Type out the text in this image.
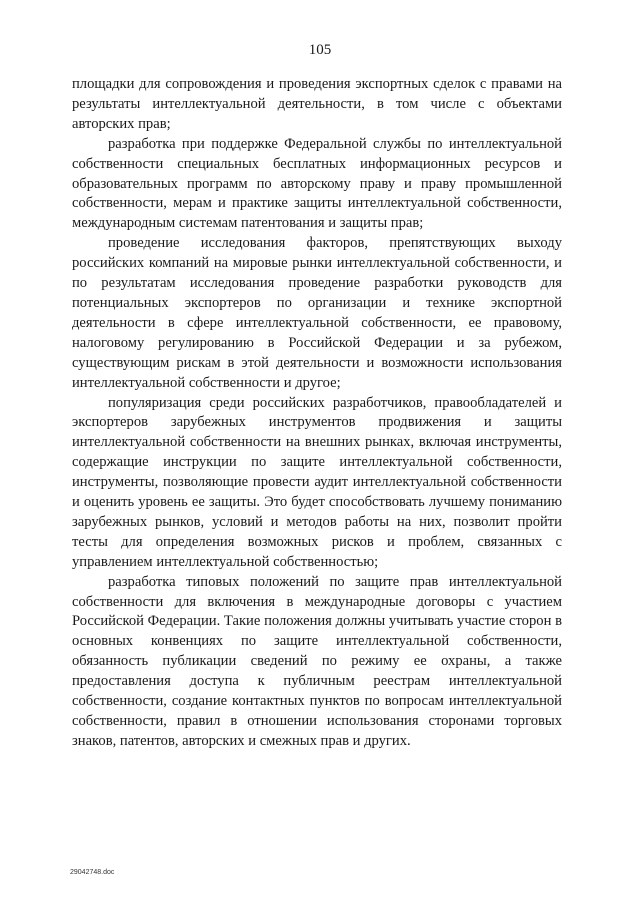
105

площадки для сопровождения и проведения экспортных сделок с правами на результаты интеллектуальной деятельности, в том числе с объектами авторских прав;

разработка при поддержке Федеральной службы по интеллектуальной собственности специальных бесплатных информационных ресурсов и образовательных программ по авторскому праву и праву промышленной собственности, мерам и практике защиты интеллектуальной собственности, международным системам патентования и защиты прав;

проведение исследования факторов, препятствующих выходу российских компаний на мировые рынки интеллектуальной собственности, и по результатам исследования проведение разработки руководств для потенциальных экспортеров по организации и технике экспортной деятельности в сфере интеллектуальной собственности, ее правовому, налоговому регулированию в Российской Федерации и за рубежом, существующим рискам в этой деятельности и возможности использования интеллектуальной собственности и другое;

популяризация среди российских разработчиков, правообладателей и экспортеров зарубежных инструментов продвижения и защиты интеллектуальной собственности на внешних рынках, включая инструменты, содержащие инструкции по защите интеллектуальной собственности, инструменты, позволяющие провести аудит интеллектуальной собственности и оценить уровень ее защиты. Это будет способствовать лучшему пониманию зарубежных рынков, условий и методов работы на них, позволит пройти тесты для определения возможных рисков и проблем, связанных с управлением интеллектуальной собственностью;

разработка типовых положений по защите прав интеллектуальной собственности для включения в международные договоры с участием Российской Федерации. Такие положения должны учитывать участие сторон в основных конвенциях по защите интеллектуальной собственности, обязанность публикации сведений по режиму ее охраны, а также предоставления доступа к публичным реестрам интеллектуальной собственности, создание контактных пунктов по вопросам интеллектуальной собственности, правил в отношении использования сторонами торговых знаков, патентов, авторских и смежных прав и других.

29042748.doc
